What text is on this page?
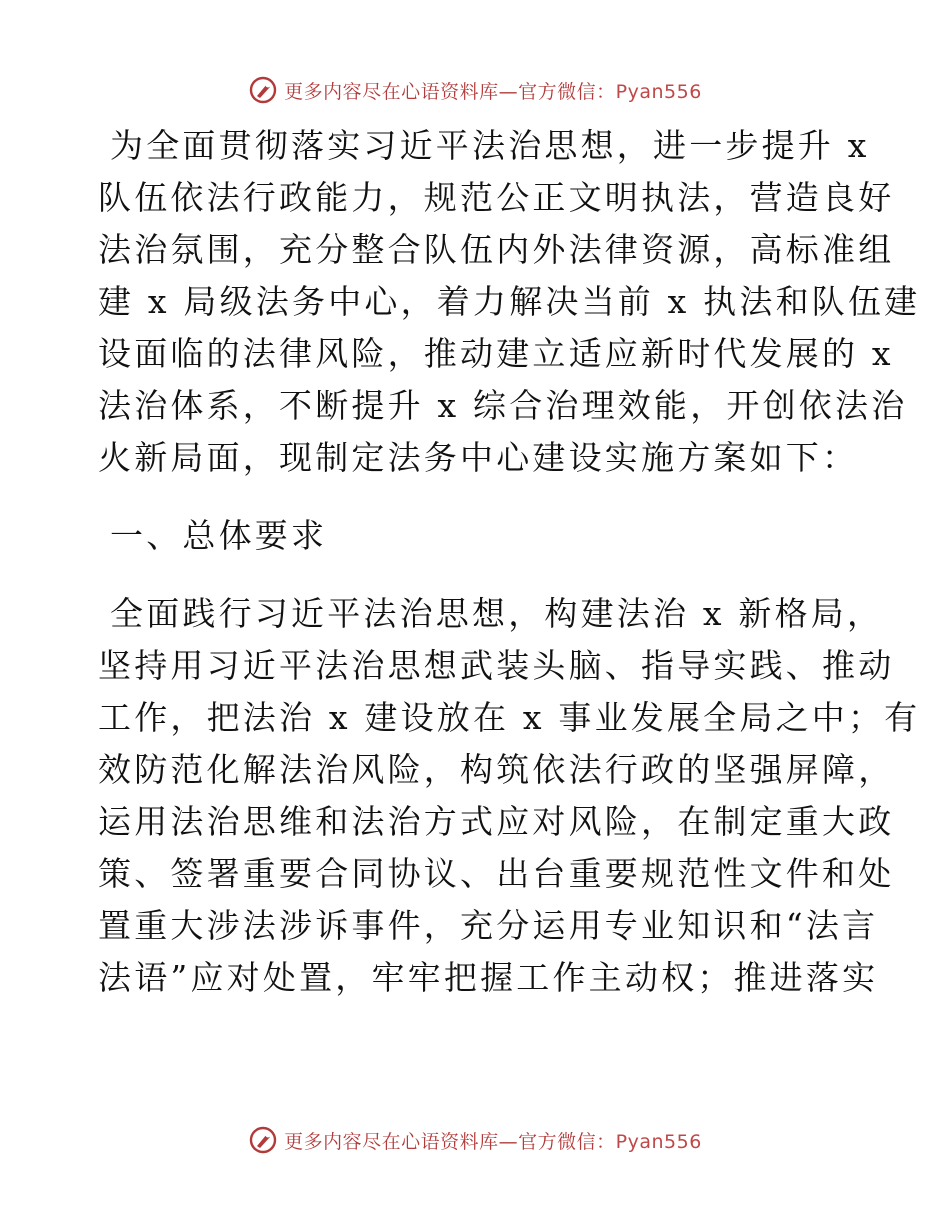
更多内容尽在心语资料库—官方微信：Pyan556
为全面贯彻落实习近平法治思想，进一步提升 x
队伍依法行政能力，规范公正文明执法，营造良好
法治氛围，充分整合队伍内外法律资源，高标准组
建 x 局级法务中心，着力解决当前 x 执法和队伍建
设面临的法律风险，推动建立适应新时代发展的 x
法治体系，不断提升 x 综合治理效能，开创依法治
火新局面，现制定法务中心建设实施方案如下：
一、总体要求
全面践行习近平法治思想，构建法治 x 新格局，
坚持用习近平法治思想武装头脑、指导实践、推动
工作，把法治 x 建设放在 x 事业发展全局之中；有
效防范化解法治风险，构筑依法行政的坚强屏障，
运用法治思维和法治方式应对风险，在制定重大政
策、签署重要合同协议、出台重要规范性文件和处
置重大涉法涉诉事件，充分运用专业知识和“法言
法语”应对处置，牢牢把握工作主动权；推进落实
更多内容尽在心语资料库—官方微信：Pyan556
